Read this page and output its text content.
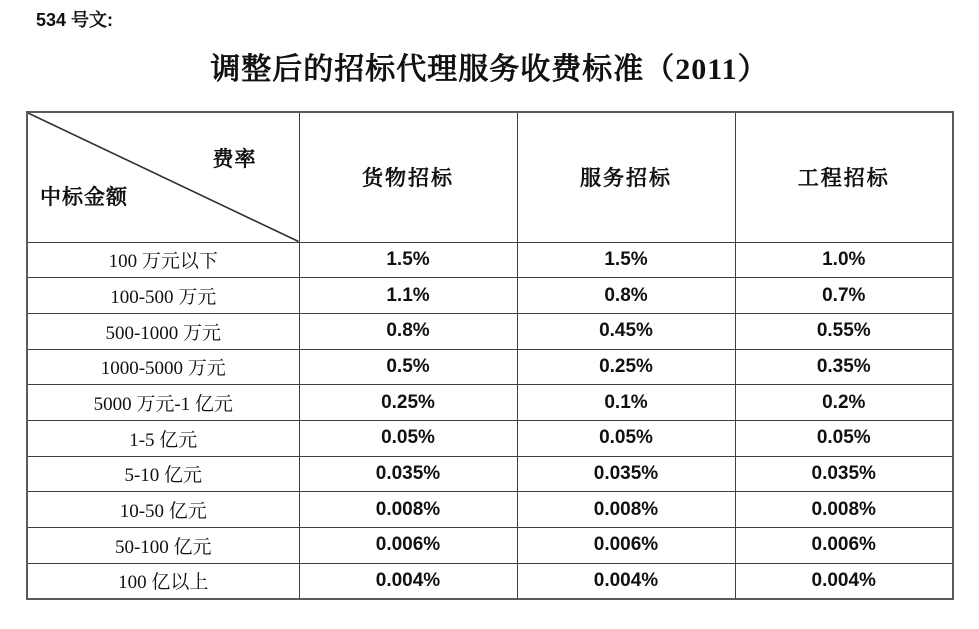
534 号文:
调整后的招标代理服务收费标准（2011）
费率
中标金额	货物招标	服务招标	工程招标
100 万元以下	1.5%	1.5%	1.0%
100-500 万元	1.1%	0.8%	0.7%
500-1000 万元	0.8%	0.45%	0.55%
1000-5000 万元	0.5%	0.25%	0.35%
5000 万元-1 亿元	0.25%	0.1%	0.2%
1-5 亿元	0.05%	0.05%	0.05%
5-10 亿元	0.035%	0.035%	0.035%
10-50 亿元	0.008%	0.008%	0.008%
50-100 亿元	0.006%	0.006%	0.006%
100 亿以上	0.004%	0.004%	0.004%
